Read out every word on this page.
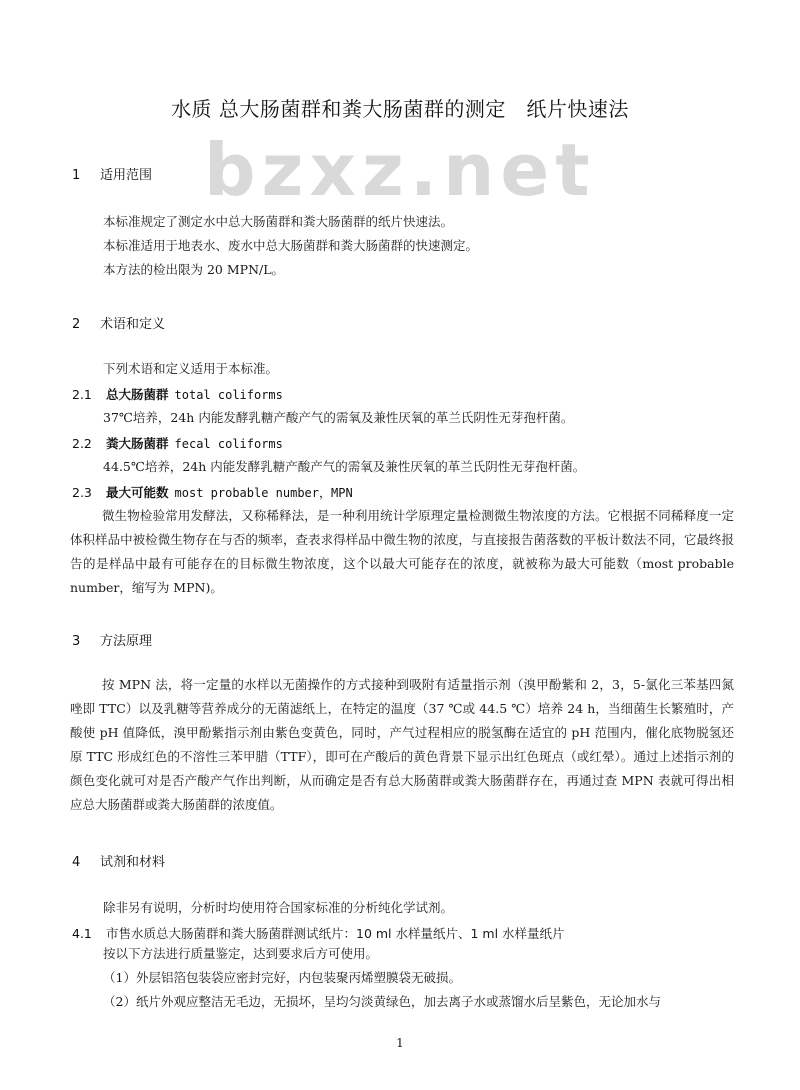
bzxz.net
水质 总大肠菌群和粪大肠菌群的测定　纸片快速法
1 适用范围
本标准规定了测定水中总大肠菌群和粪大肠菌群的纸片快速法。
本标准适用于地表水、废水中总大肠菌群和粪大肠菌群的快速测定。
本方法的检出限为 20 MPN/L。
2 术语和定义
下列术语和定义适用于本标准。
2.1 总大肠菌群 total coliforms
37℃培养，24h 内能发酵乳糖产酸产气的需氧及兼性厌氧的革兰氏阴性无芽孢杆菌。
2.2 粪大肠菌群 fecal coliforms
44.5℃培养，24h 内能发酵乳糖产酸产气的需氧及兼性厌氧的革兰氏阴性无芽孢杆菌。
2.3 最大可能数 most probable number，MPN
微生物检验常用发酵法，又称稀释法，是一种利用统计学原理定量检测微生物浓度的方法。它根据不同稀释度一定体积样品中被检微生物存在与否的频率，查表求得样品中微生物的浓度，与直接报告菌落数的平板计数法不同，它最终报告的是样品中最有可能存在的目标微生物浓度，这个以最大可能存在的浓度，就被称为最大可能数（most probable number，缩写为 MPN)。
3 方法原理
按 MPN 法，将一定量的水样以无菌操作的方式接种到吸附有适量指示剂（溴甲酚紫和 2，3，5-氯化三苯基四氮唑即 TTC）以及乳糖等营养成分的无菌滤纸上，在特定的温度（37 ℃或 44.5 ℃）培养 24 h，当细菌生长繁殖时，产酸使 pH 值降低，溴甲酚紫指示剂由紫色变黄色，同时，产气过程相应的脱氢酶在适宜的 pH 范围内，催化底物脱氢还原 TTC 形成红色的不溶性三苯甲腊（TTF），即可在产酸后的黄色背景下显示出红色斑点（或红晕）。通过上述指示剂的颜色变化就可对是否产酸产气作出判断，从而确定是否有总大肠菌群或粪大肠菌群存在，再通过查 MPN 表就可得出相应总大肠菌群或粪大肠菌群的浓度值。
4 试剂和材料
除非另有说明，分析时均使用符合国家标准的分析纯化学试剂。
4.1 市售水质总大肠菌群和粪大肠菌群测试纸片：10 ml 水样量纸片、1 ml 水样量纸片
按以下方法进行质量鉴定，达到要求后方可使用。
（1）外层铝箔包装袋应密封完好，内包装聚丙烯塑膜袋无破损。
（2）纸片外观应整洁无毛边，无损坏，呈均匀淡黄绿色，加去离子水或蒸馏水后呈紫色，无论加水与
1
